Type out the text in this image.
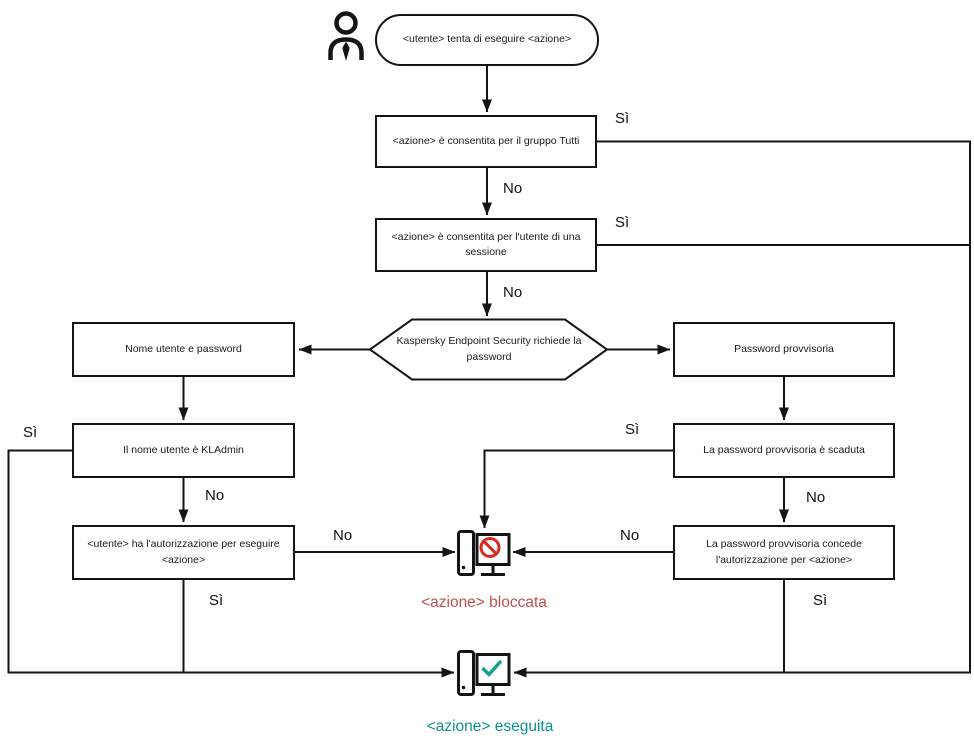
<utente> tenta di eseguire <azione>
<azione> è consentita per il gruppo Tutti
<azione> è consentita per l'utente di una sessione
Kaspersky Endpoint Security richiede la password
Nome utente e password	Password provvisoria
Il nome utente è KLAdmin	La password provvisoria è scaduta
<utente> ha l'autorizzazione per eseguire <azione>
La password provvisoria concede l'autorizzazione per <azione>
Sì
No
Sì
No
Sì
No
No
Sì
Sì
No
No
Sì
<azione> bloccata
<azione> eseguita
